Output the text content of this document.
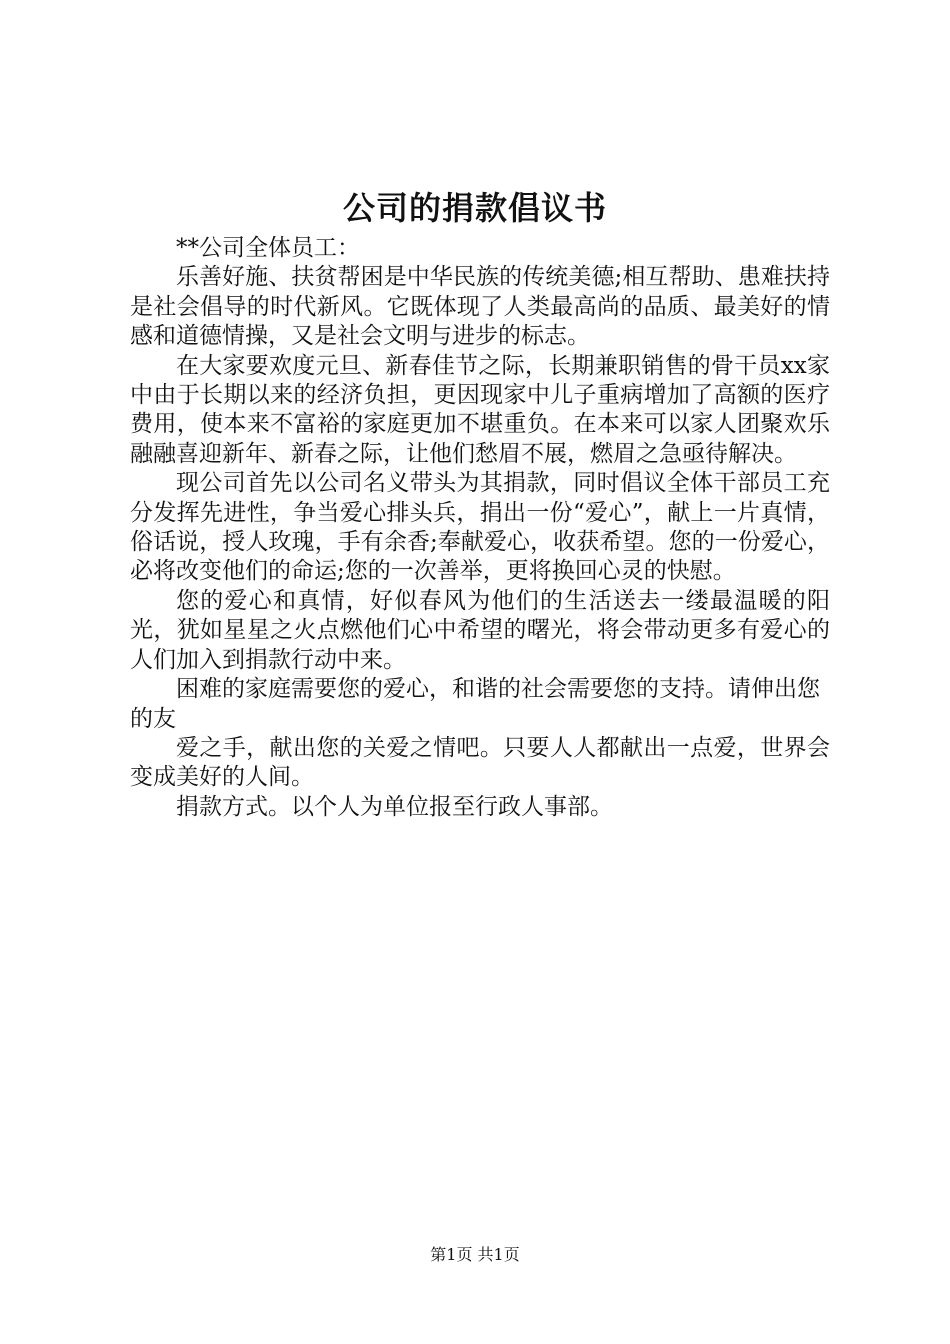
公司的捐款倡议书

**公司全体员工：

乐善好施、扶贫帮困是中华民族的传统美德;相互帮助、患难扶持是社会倡导的时代新风。它既体现了人类最高尚的品质、最美好的情感和道德情操，又是社会文明与进步的标志。

在大家要欢度元旦、新春佳节之际，长期兼职销售的骨干员xx家中由于长期以来的经济负担，更因现家中儿子重病增加了高额的医疗费用，使本来不富裕的家庭更加不堪重负。在本来可以家人团聚欢乐融融喜迎新年、新春之际，让他们愁眉不展，燃眉之急亟待解决。

现公司首先以公司名义带头为其捐款，同时倡议全体干部员工充分发挥先进性，争当爱心排头兵，捐出一份“爱心”，献上一片真情，俗话说，授人玫瑰，手有余香;奉献爱心，收获希望。您的一份爱心，必将改变他们的命运;您的一次善举，更将换回心灵的快慰。

您的爱心和真情，好似春风为他们的生活送去一缕最温暖的阳光，犹如星星之火点燃他们心中希望的曙光，将会带动更多有爱心的人们加入到捐款行动中来。

困难的家庭需要您的爱心，和谐的社会需要您的支持。请伸出您的友

爱之手，献出您的关爱之情吧。只要人人都献出一点爱，世界会变成美好的人间。

捐款方式。以个人为单位报至行政人事部。

第1页 共1页
